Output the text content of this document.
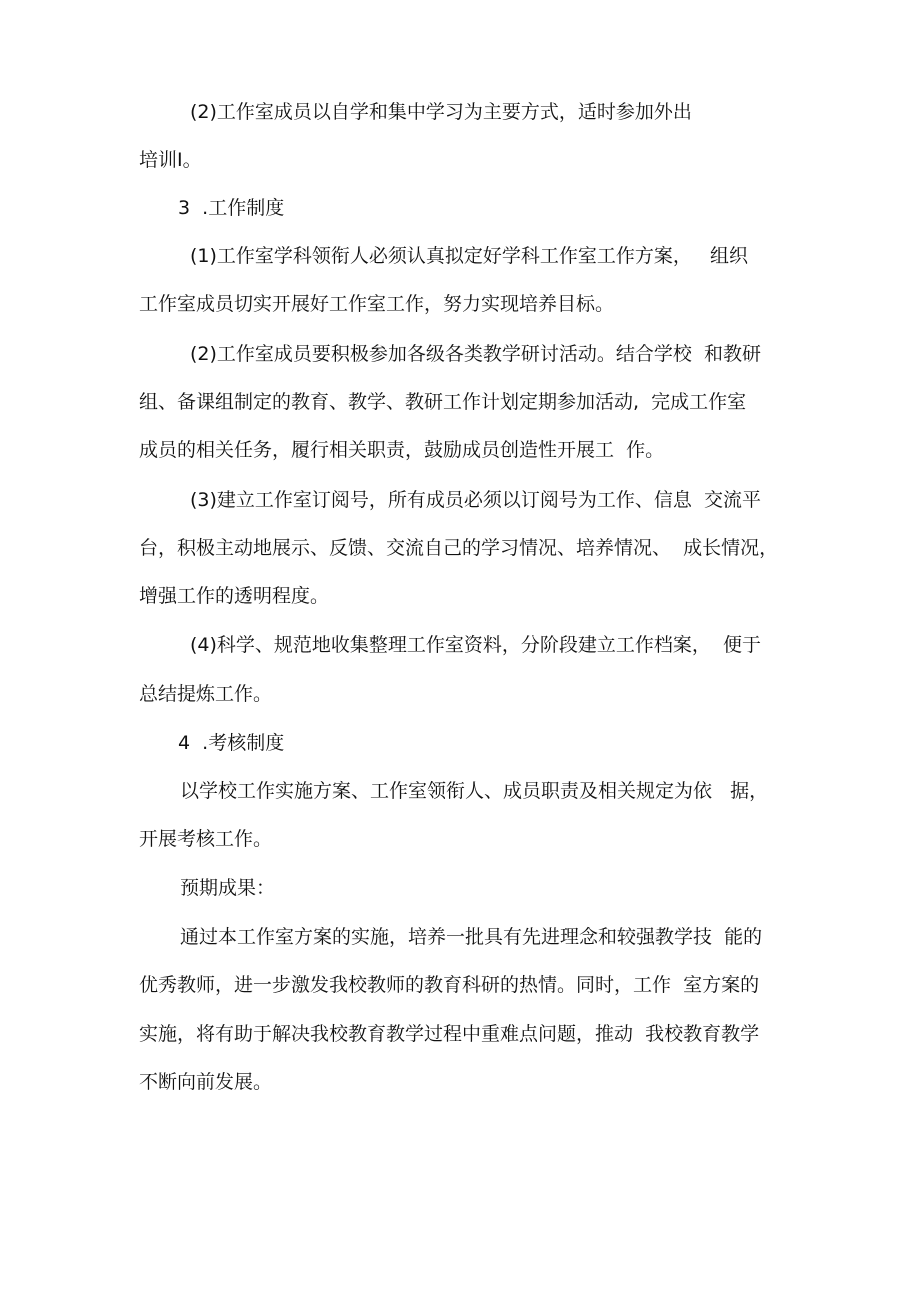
(2)工作室成员以自学和集中学习为主要方式，适时参加外出
培训I。
3  .工作制度
(1)工作室学科领衔人必须认真拟定好学科工作室工作方案，   组织
工作室成员切实开展好工作室工作，努力实现培养目标。
(2)工作室成员要积极参加各级各类教学研讨活动。结合学校  和教研
组、备课组制定的教育、教学、教研工作计划定期参加活动,  完成工作室
成员的相关任务，履行相关职责，鼓励成员创造性开展工  作。
(3)建立工作室订阅号，所有成员必须以订阅号为工作、信息  交流平
台，积极主动地展示、反馈、交流自己的学习情况、培养情况、  成长情况，
增强工作的透明程度。
(4)科学、规范地收集整理工作室资料，分阶段建立工作档案，  便于
总结提炼工作。
4  .考核制度
以学校工作实施方案、工作室领衔人、成员职责及相关规定为依   据，
开展考核工作。
预期成果：
通过本工作室方案的实施，培养一批具有先进理念和较强教学技  能的
优秀教师，进一步激发我校教师的教育科研的热情。同时，工作  室方案的
实施，将有助于解决我校教育教学过程中重难点问题，推动  我校教育教学
不断向前发展。
